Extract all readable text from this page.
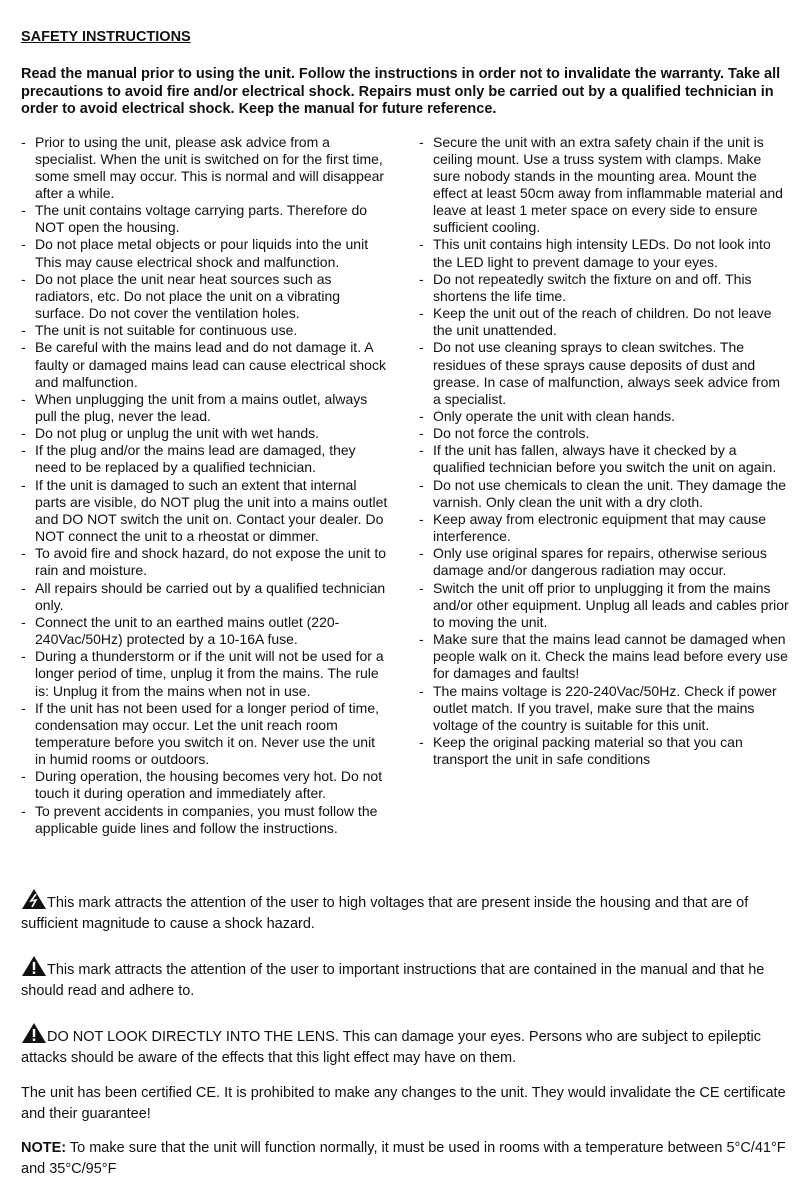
SAFETY INSTRUCTIONS

Read the manual prior to using the unit. Follow the instructions in order not to invalidate the warranty. Take all precautions to avoid fire and/or electrical shock. Repairs must only be carried out by a qualified technician in order to avoid electrical shock. Keep the manual for future reference.

- Prior to using the unit, please ask advice from a specialist. When the unit is switched on for the first time, some smell may occur. This is normal and will disappear after a while.
- The unit contains voltage carrying parts. Therefore do NOT open the housing.
- Do not place metal objects or pour liquids into the unit This may cause electrical shock and malfunction.
- Do not place the unit near heat sources such as radiators, etc. Do not place the unit on a vibrating surface. Do not cover the ventilation holes.
- The unit is not suitable for continuous use.
- Be careful with the mains lead and do not damage it. A faulty or damaged mains lead can cause electrical shock and malfunction.
- When unplugging the unit from a mains outlet, always pull the plug, never the lead.
- Do not plug or unplug the unit with wet hands.
- If the plug and/or the mains lead are damaged, they need to be replaced by a qualified technician.
- If the unit is damaged to such an extent that internal parts are visible, do NOT plug the unit into a mains outlet and DO NOT switch the unit on. Contact your dealer. Do NOT connect the unit to a rheostat or dimmer.
- To avoid fire and shock hazard, do not expose the unit to rain and moisture.
- All repairs should be carried out by a qualified technician only.
- Connect the unit to an earthed mains outlet (220-240Vac/50Hz) protected by a 10-16A fuse.
- During a thunderstorm or if the unit will not be used for a longer period of time, unplug it from the mains. The rule is: Unplug it from the mains when not in use.
- If the unit has not been used for a longer period of time, condensation may occur. Let the unit reach room temperature before you switch it on. Never use the unit in humid rooms or outdoors.
- During operation, the housing becomes very hot. Do not touch it during operation and immediately after.
- To prevent accidents in companies, you must follow the applicable guide lines and follow the instructions.
- Secure the unit with an extra safety chain if the unit is ceiling mount. Use a truss system with clamps. Make sure nobody stands in the mounting area. Mount the effect at least 50cm away from inflammable material and leave at least 1 meter space on every side to ensure sufficient cooling.
- This unit contains high intensity LEDs. Do not look into the LED light to prevent damage to your eyes.
- Do not repeatedly switch the fixture on and off. This shortens the life time.
- Keep the unit out of the reach of children. Do not leave the unit unattended.
- Do not use cleaning sprays to clean switches. The residues of these sprays cause deposits of dust and grease. In case of malfunction, always seek advice from a specialist.
- Only operate the unit with clean hands.
- Do not force the controls.
- If the unit has fallen, always have it checked by a qualified technician before you switch the unit on again.
- Do not use chemicals to clean the unit. They damage the varnish. Only clean the unit with a dry cloth.
- Keep away from electronic equipment that may cause interference.
- Only use original spares for repairs, otherwise serious damage and/or dangerous radiation may occur.
- Switch the unit off prior to unplugging it from the mains and/or other equipment. Unplug all leads and cables prior to moving the unit.
- Make sure that the mains lead cannot be damaged when people walk on it. Check the mains lead before every use for damages and faults!
- The mains voltage is 220-240Vac/50Hz. Check if power outlet match. If you travel, make sure that the mains voltage of the country is suitable for this unit.
- Keep the original packing material so that you can transport the unit in safe conditions

This mark attracts the attention of the user to high voltages that are present inside the housing and that are of sufficient magnitude to cause a shock hazard.

This mark attracts the attention of the user to important instructions that are contained in the manual and that he should read and adhere to.

DO NOT LOOK DIRECTLY INTO THE LENS. This can damage your eyes. Persons who are subject to epileptic attacks should be aware of the effects that this light effect may have on them.

The unit has been certified CE. It is prohibited to make any changes to the unit. They would invalidate the CE certificate and their guarantee!

NOTE: To make sure that the unit will function normally, it must be used in rooms with a temperature between 5°C/41°F and 35°C/95°F
